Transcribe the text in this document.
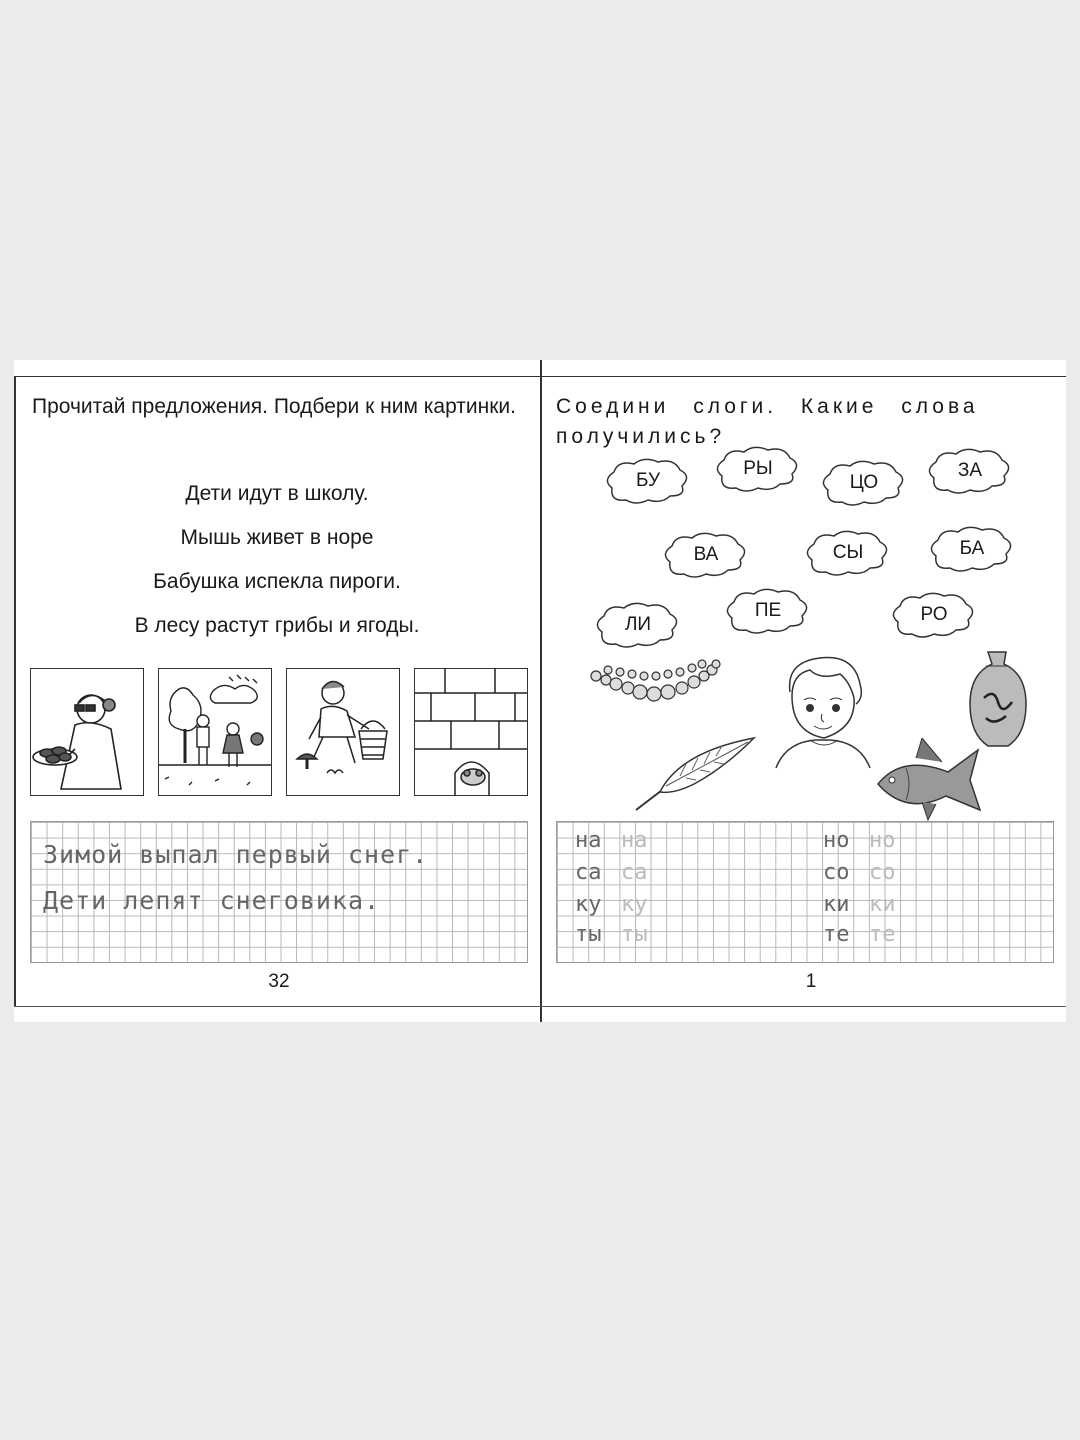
Прочитай предложения. Подбери к ним картинки.

Дети идут в школу.
Мышь живет в норе
Бабушка испекла пироги.
В лесу растут грибы и ягоды.
Зимой выпал первый снег.
Дети лепят снеговика.
32

Соедини слоги. Какие слова получились?

БУ
РЫ
ЦО
ЗА
ВА	СЫ	БА
ЛИ
ПЕ	РО
на на
са са
ку ку
ты ты
но но
со со
ки ки
те те
1
